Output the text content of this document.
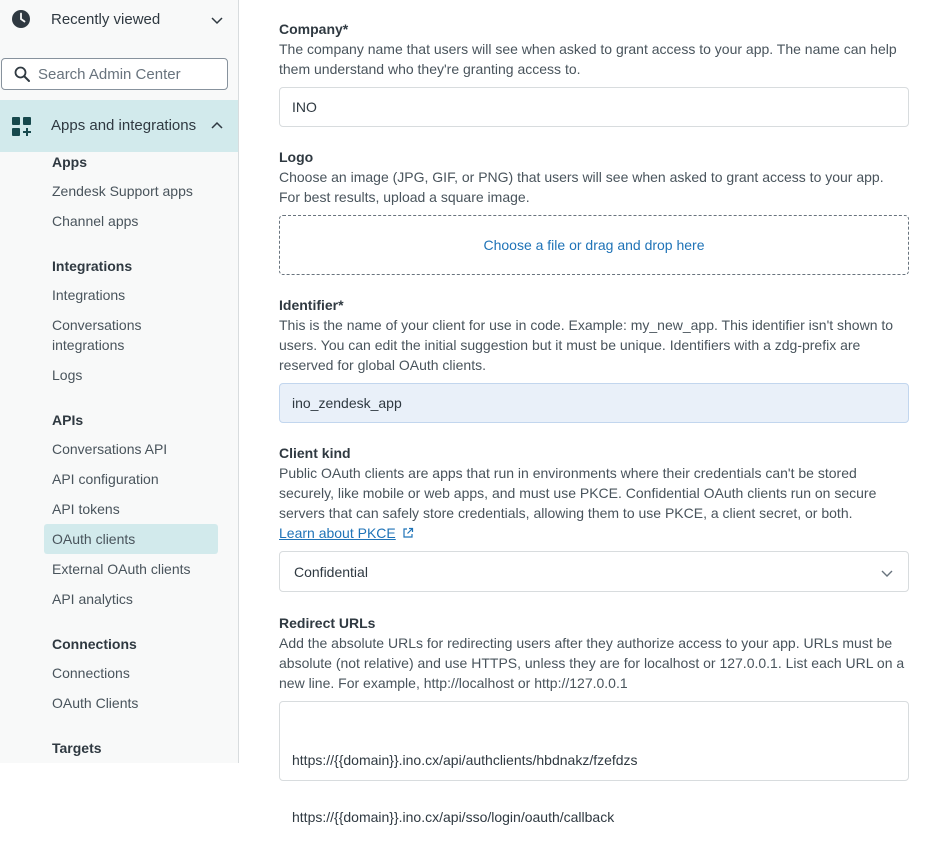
Recently viewed
Search Admin Center
Apps and integrations
Apps
Zendesk Support apps
Channel apps
Integrations
Integrations
Conversations
integrations
Logs
APIs
Conversations API
API configuration
API tokens
OAuth clients
External OAuth clients
API analytics
Connections
Connections
OAuth Clients
Targets
Company*
The company name that users will see when asked to grant access to your app. The name can help them understand who they're granting access to.
INO
Logo
Choose an image (JPG, GIF, or PNG) that users will see when asked to grant access to your app. For best results, upload a square image.
Choose a file or drag and drop here
Identifier*
This is the name of your client for use in code. Example: my_new_app. This identifier isn't shown to users. You can edit the initial suggestion but it must be unique. Identifiers with a zdg-prefix are reserved for global OAuth clients.
ino_zendesk_app
Client kind
Public OAuth clients are apps that run in environments where their credentials can't be stored securely, like mobile or web apps, and must use PKCE. Confidential OAuth clients run on secure servers that can safely store credentials, allowing them to use PKCE, a client secret, or both.
Learn about PKCE
Confidential
Redirect URLs
Add the absolute URLs for redirecting users after they authorize access to your app. URLs must be absolute (not relative) and use HTTPS, unless they are for localhost or 127.0.0.1. List each URL on a new line. For example, http://localhost or http://127.0.0.1

https://{{domain}}.ino.cx/api/authclients/hbdnakz/fzefdzs

https://{{domain}}.ino.cx/api/sso/login/oauth/callback
